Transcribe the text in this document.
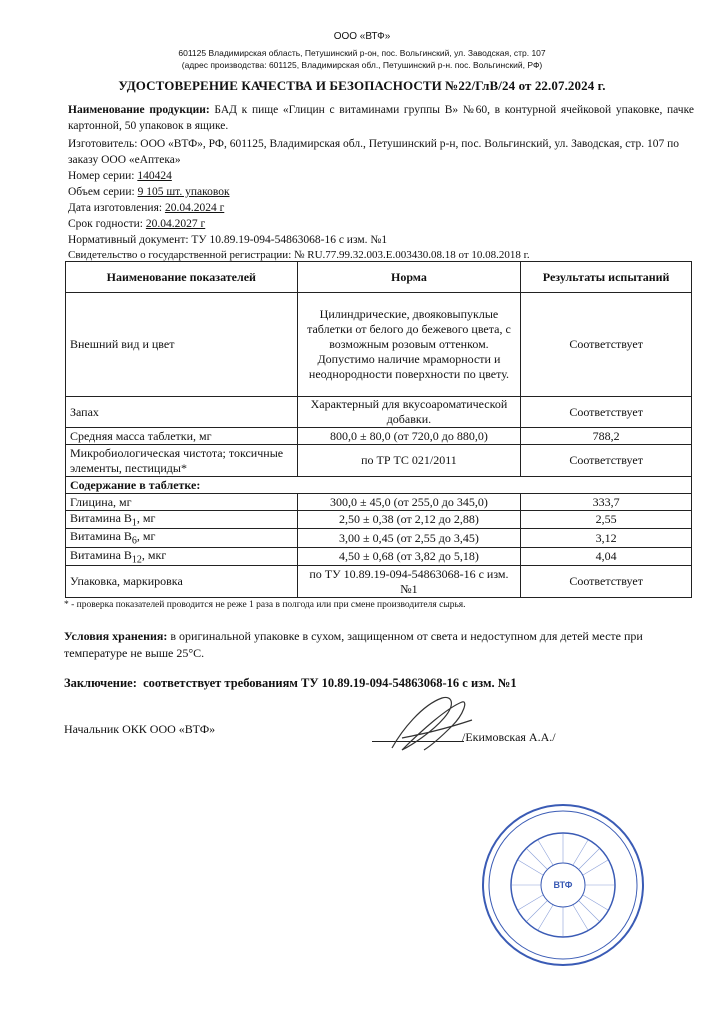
ООО «ВТФ»
601125 Владимирская область, Петушинский р-он, пос. Вольгинский, ул. Заводская, стр. 107
(адрес производства: 601125, Владимирская обл., Петушинский р-н. пос. Вольгинский, РФ)
УДОСТОВЕРЕНИЕ КАЧЕСТВА И БЕЗОПАСНОСТИ №22/ГлВ/24 от 22.07.2024 г.
Наименование продукции: БАД к пище «Глицин с витаминами группы В» №60, в контурной ячейковой упаковке, пачке картонной, 50 упаковок в ящике.
Изготовитель: ООО «ВТФ», РФ, 601125, Владимирская обл., Петушинский р-н, пос. Вольгинский, ул. Заводская, стр. 107 по заказу ООО «еАптека»
Номер серии: 140424
Объем серии: 9 105 шт. упаковок
Дата изготовления: 20.04.2024 г
Срок годности: 20.04.2027 г
Нормативный документ: ТУ 10.89.19-094-54863068-16 с изм. №1
Свидетельство о государственной регистрации: № RU.77.99.32.003.E.003430.08.18 от 10.08.2018 г.
Наименование показателей	Норма	Результаты испытаний
Внешний вид и цвет	Цилиндрические, двояковыпуклые таблетки от белого до бежевого цвета, с возможным розовым оттенком. Допустимо наличие мраморности и неоднородности поверхности по цвету.	Соответствует
Запах	Характерный для вкусоароматической добавки.	Соответствует
Средняя масса таблетки, мг	800,0 ± 80,0 (от 720,0 до 880,0)	788,2
Микробиологическая чистота; токсичные элементы, пестициды*	по ТР ТС 021/2011	Соответствует
Содержание в таблетке:		
Глицина, мг	300,0 ± 45,0 (от 255,0 до 345,0)	333,7
Витамина $B_1$, мг	2,50 ± 0,38 (от 2,12 до 2,88)	2,55
Витамина $B_6$, мг	3,00 ± 0,45 (от 2,55 до 3,45)	3,12
Витамина $B_{12}$, мкг	4,50 ± 0,68 (от 3,82 до 5,18)	4,04
Упаковка, маркировка	по ТУ 10.89.19-094-54863068-16 с изм. №1	Соответствует
* - проверка показателей проводится не реже 1 раза в полгода или при смене производителя сырья.
Условия хранения: в оригинальной упаковке в сухом, защищенном от света и недоступном для детей месте при температуре не выше 25°С.
Заключение: соответствует требованиям ТУ 10.89.19-094-54863068-16 с изм. №1
Начальник ОКК ООО «ВТФ»
/Екимовская А.А./
ВТФ
